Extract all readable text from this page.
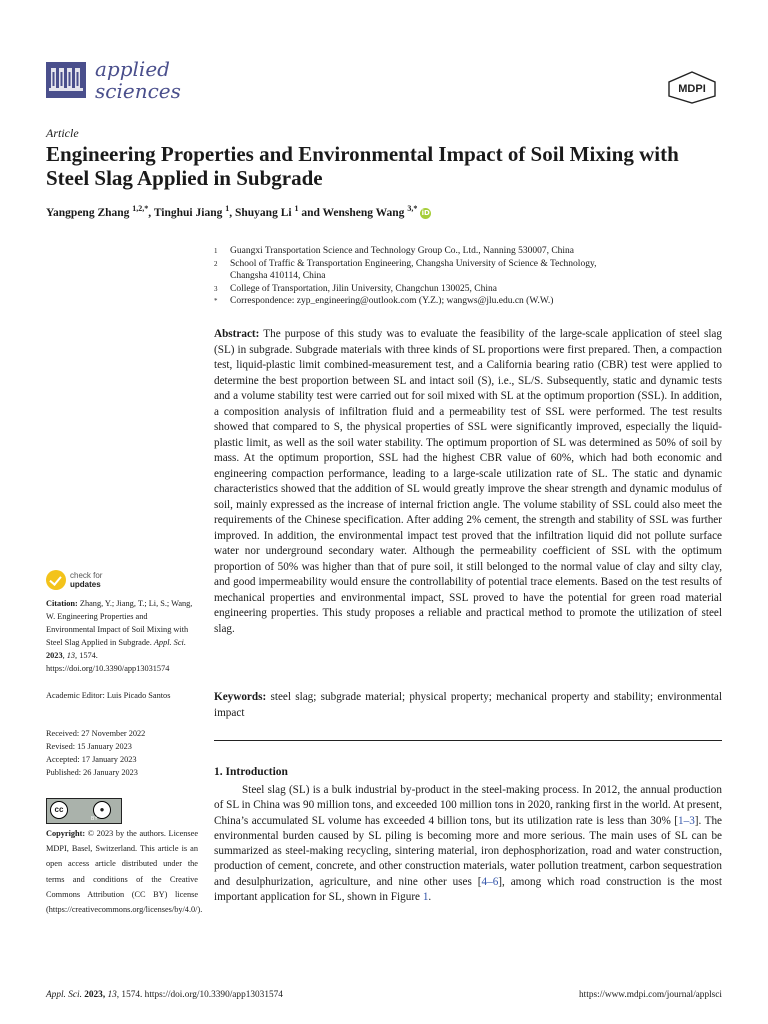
applied
sciences	MDPI
Article
Engineering Properties and Environmental Impact of Soil Mixing with Steel Slag Applied in Subgrade
Yangpeng Zhang $^{1,2,*}$, Tinghui Jiang $^1$, Shuyang Li $^1$ and Wensheng Wang $^{3,*}$ iD
1	Guangxi Transportation Science and Technology Group Co., Ltd., Nanning 530007, China
2	School of Traffic & Transportation Engineering, Changsha University of Science & Technology,
Changsha 410114, China
3	College of Transportation, Jilin University, Changchun 130025, China
*	Correspondence: zyp_engineering@outlook.com (Y.Z.); wangws@jlu.edu.cn (W.W.)
Abstract: The purpose of this study was to evaluate the feasibility of the large-scale application of steel slag (SL) in subgrade. Subgrade materials with three kinds of SL proportions were first prepared. Then, a compaction test, liquid-plastic limit combined-measurement test, and a California bearing ratio (CBR) test were applied to determine the best proportion between SL and intact soil (S), i.e., SL/S. Subsequently, static and dynamic tests and a volume stability test were carried out for soil mixed with SL at the optimum proportion (SSL). In addition, a composition analysis of infiltration fluid and a permeability test of SSL were performed. The test results showed that compared to S, the physical properties of SSL were significantly improved, especially the liquid-plastic limit, as well as the soil water stability. The optimum proportion of SL was determined as 50% of soil by mass. At the optimum proportion, SSL had the highest CBR value of 60%, which had both economic and engineering compaction performance, leading to a large-scale utilization rate of SL. The static and dynamic characteristics showed that the addition of SL would greatly improve the shear strength and dynamic modulus of soil, mainly expressed as the increase of internal friction angle. The volume stability of SSL could also meet the requirements of the Chinese specification. After adding 2% cement, the strength and stability of SSL was further improved. In addition, the environmental impact test proved that the infiltration liquid did not pollute surface water nor underground secondary water. Although the permeability coefficient of SSL with the optimum proportion of 50% was higher than that of pure soil, it still belonged to the normal value of clay and silty clay, and good impermeability would ensure the controllability of potential trace elements. Based on the test results of mechanical properties and environmental impact, SSL proved to have the potential for green road material engineering properties. This study proposes a reliable and practical method to promote the utilization of steel slag.
Keywords: steel slag; subgrade material; physical property; mechanical property and stability; environmental impact
1. Introduction
Steel slag (SL) is a bulk industrial by-product in the steel-making process. In 2012, the annual production of SL in China was 90 million tons, and exceeded 100 million tons in 2020, ranking first in the world. At present, China’s accumulated SL volume has exceeded 4 billion tons, but its utilization rate is less than 30% [1–3]. The environmental burden caused by SL piling is becoming more and more serious. The main uses of SL can be summarized as steel-making recycling, sintering material, iron dephosphorization, road and water construction, production of cement, concrete, and other construction materials, water pollution treatment, carbon sequestration and desulphurization, agriculture, and nine other uses [4–6], among which road construction is the most important application for SL, shown in Figure 1.
check for
updates
Citation: Zhang, Y.; Jiang, T.; Li, S.; Wang, W. Engineering Properties and Environmental Impact of Soil Mixing with Steel Slag Applied in Subgrade. Appl. Sci. 2023, 13, 1574. https://doi.org/10.3390/app13031574
Academic Editor: Luis Picado Santos
Received: 27 November 2022
Revised: 15 January 2023
Accepted: 17 January 2023
Published: 26 January 2023
cc	●
BY
Copyright: © 2023 by the authors. Licensee MDPI, Basel, Switzerland. This article is an open access article distributed under the terms and conditions of the Creative Commons Attribution (CC BY) license (https://creativecommons.org/licenses/by/4.0/).
Appl. Sci. 2023, 13, 1574. https://doi.org/10.3390/app13031574	https://www.mdpi.com/journal/applsci
